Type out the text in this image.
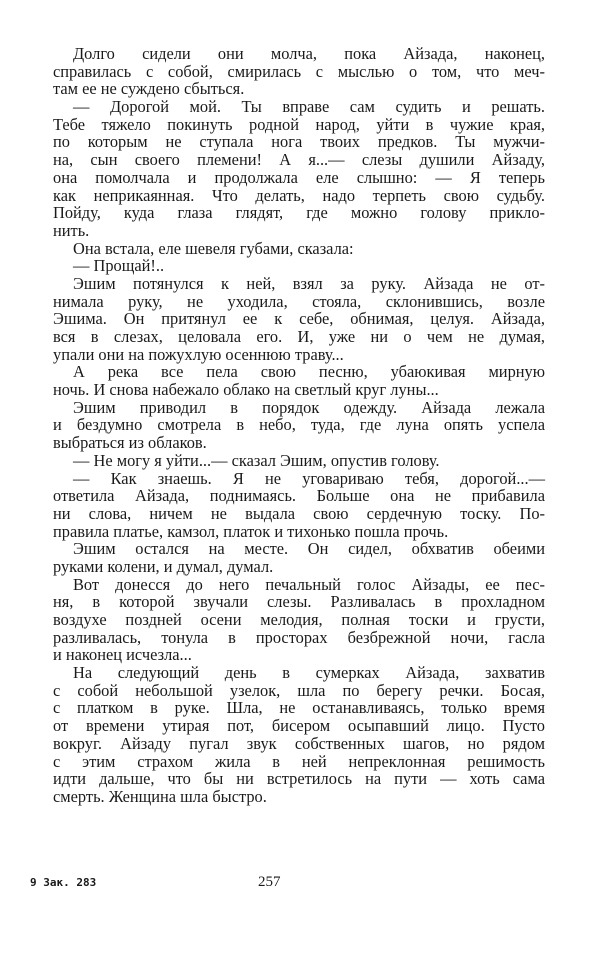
Долго сидели они молча, пока Айзада, наконец,
справилась с собой, смирилась с мыслью о том, что меч-
там ее не суждено сбыться.
— Дорогой мой. Ты вправе сам судить и решать.
Тебе тяжело покинуть родной народ, уйти в чужие края,
по которым не ступала нога твоих предков. Ты мужчи-
на, сын своего племени! А я...— слезы душили Айзаду,
она помолчала и продолжала еле слышно: — Я теперь
как неприкаянная. Что делать, надо терпеть свою судьбу.
Пойду, куда глаза глядят, где можно голову прикло-
нить.
Она встала, еле шевеля губами, сказала:
— Прощай!..
Эшим потянулся к ней, взял за руку. Айзада не от-
нимала руку, не уходила, стояла, склонившись, возле
Эшима. Он притянул ее к себе, обнимая, целуя. Айзада,
вся в слезах, целовала его. И, уже ни о чем не думая,
упали они на пожухлую осеннюю траву...
А река все пела свою песню, убаюкивая мирную
ночь. И снова набежало облако на светлый круг луны...
Эшим приводил в порядок одежду. Айзада лежала
и бездумно смотрела в небо, туда, где луна опять успела
выбраться из облаков.
— Не могу я уйти...— сказал Эшим, опустив голову.
— Как знаешь. Я не уговариваю тебя, дорогой...—
ответила Айзада, поднимаясь. Больше она не прибавила
ни слова, ничем не выдала свою сердечную тоску. По-
правила платье, камзол, платок и тихонько пошла прочь.
Эшим остался на месте. Он сидел, обхватив обеими
руками колени, и думал, думал.
Вот донесся до него печальный голос Айзады, ее пес-
ня, в которой звучали слезы. Разливалась в прохладном
воздухе поздней осени мелодия, полная тоски и грусти,
разливалась, тонула в просторах безбрежной ночи, гасла
и наконец исчезла...
На следующий день в сумерках Айзада, захватив
с собой небольшой узелок, шла по берегу речки. Босая,
с платком в руке. Шла, не останавливаясь, только время
от времени утирая пот, бисером осыпавший лицо. Пусто
вокруг. Айзаду пугал звук собственных шагов, но рядом
с этим страхом жила в ней непреклонная решимость
идти дальше, что бы ни встретилось на пути — хоть сама
смерть. Женщина шла быстро.
9 Зак. 283	257
